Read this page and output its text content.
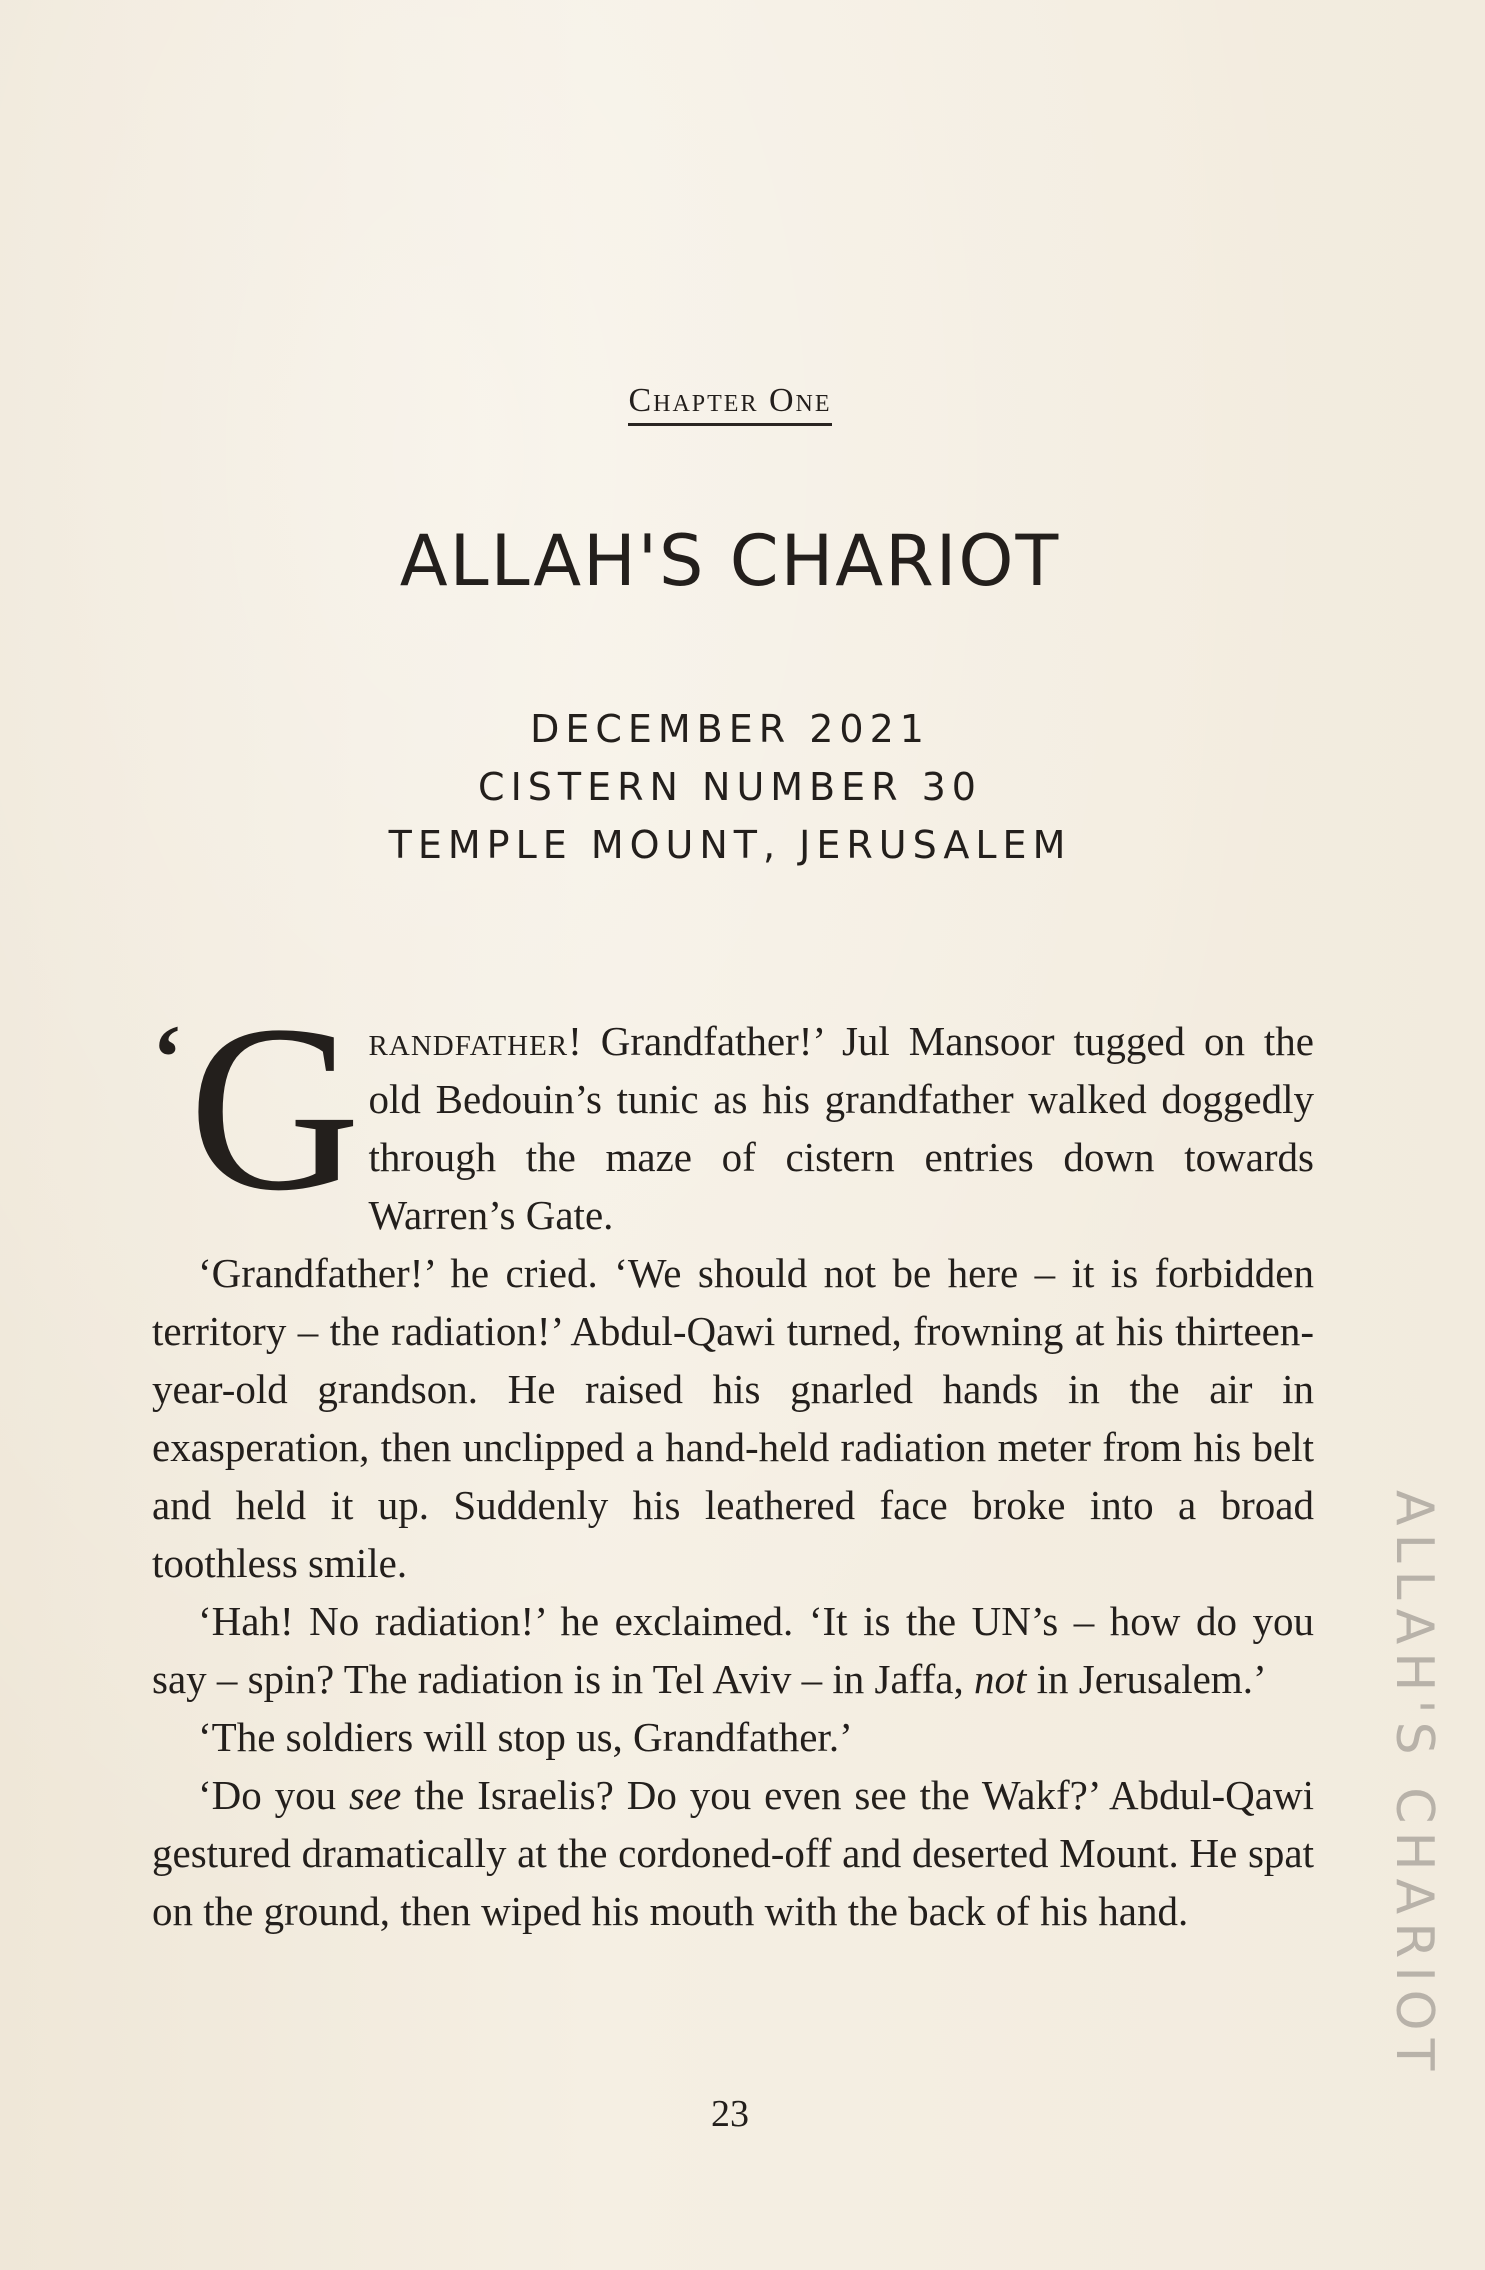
Chapter One
ALLAH'S CHARIOT
DECEMBER 2021
CISTERN NUMBER 30
TEMPLE MOUNT, JERUSALEM

‘ G randfather! Grandfather!’ Jul Mansoor tugged on the old Bedouin’s tunic as his grandfather walked doggedly through the maze of cistern entries down towards Warren’s Gate.

‘Grandfather!’ he cried. ‘We should not be here – it is forbidden territory – the radiation!’ Abdul-Qawi turned, frowning at his thirteen-year-old grandson. He raised his gnarled hands in the air in exasperation, then unclipped a hand-held radiation meter from his belt and held it up. Suddenly his leathered face broke into a broad toothless smile.

‘Hah! No radiation!’ he exclaimed. ‘It is the UN’s – how do you say – spin? The radiation is in Tel Aviv – in Jaffa, not in Jerusalem.’

‘The soldiers will stop us, Grandfather.’

‘Do you see the Israelis? Do you even see the Wakf?’ Abdul-Qawi gestured dramatically at the cordoned-off and deserted Mount. He spat on the ground, then wiped his mouth with the back of his hand.

23
ALLAH'S CHARIOT
